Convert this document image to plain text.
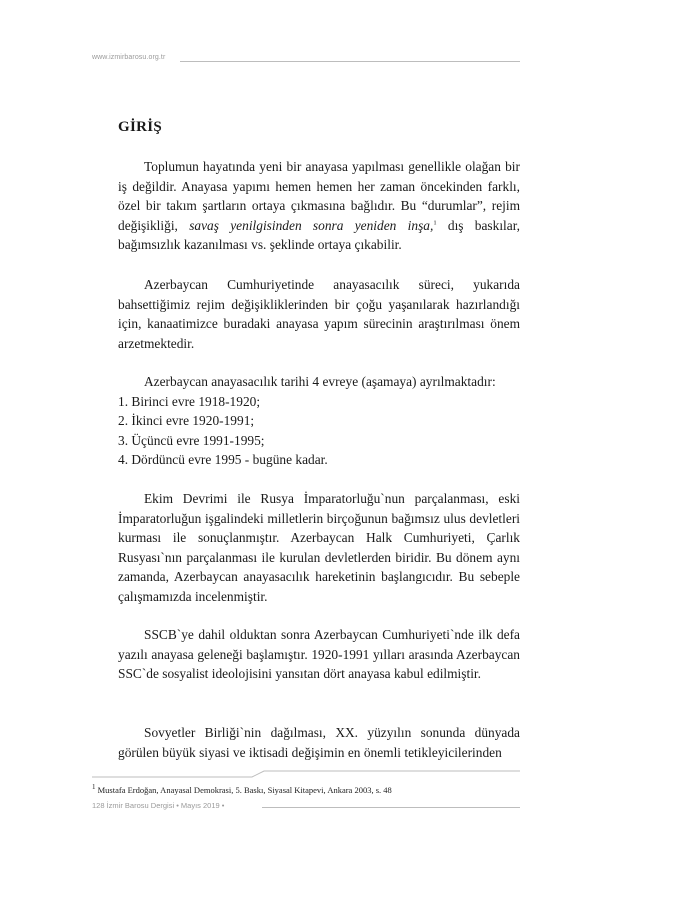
www.izmirbarosu.org.tr
GİRİŞ

Toplumun hayatında yeni bir anayasa yapılması genellikle olağan bir iş değildir. Anayasa yapımı hemen hemen her zaman öncekinden farklı, özel bir takım şartların ortaya çıkmasına bağlıdır. Bu “durumlar”, rejim değişikliği, savaş yenilgisinden sonra yeniden inşa,$^1$ dış baskılar, bağımsızlık kazanılması vs. şeklinde ortaya çıkabilir.

Azerbaycan Cumhuriyetinde anayasacılık süreci, yukarıda bahsettiğimiz rejim değişikliklerinden bir çoğu yaşanılarak hazırlandığı için, kanaatimizce buradaki anayasa yapım sürecinin araştırılması önem arzetmektedir.

Azerbaycan anayasacılık tarihi 4 evreye (aşamaya) ayrılmaktadır:
1. Birinci evre 1918-1920;
2. İkinci evre 1920-1991;
3. Üçüncü evre 1991-1995;
4. Dördüncü evre 1995 - bugüne kadar.

Ekim Devrimi ile Rusya İmparatorluğu`nun parçalanması, eski İmparatorluğun işgalindeki milletlerin birçoğunun bağımsız ulus devletleri kurması ile sonuçlanmıştır. Azerbaycan Halk Cumhuriyeti, Çarlık Rusyası`nın parçalanması ile kurulan devletlerden biridir. Bu dönem aynı zamanda, Azerbaycan anayasacılık hareketinin başlangıcıdır. Bu sebeple çalışmamızda incelenmiştir.

SSCB`ye dahil olduktan sonra Azerbaycan Cumhuriyeti`nde ilk defa yazılı anayasa geleneği başlamıştır. 1920-1991 yılları arasında Azerbaycan SSC`de sosyalist ideolojisini yansıtan dört anayasa kabul edilmiştir.

Sovyetler Birliği`nin dağılması, XX. yüzyılın sonunda dünyada görülen büyük siyasi ve iktisadi değişimin en önemli tetikleyicilerinden

$^1$ Mustafa Erdoğan, Anayasal Demokrasi, 5. Baskı, Siyasal Kitapevi, Ankara 2003, s. 48
128 İzmir Barosu Dergisi • Mayıs 2019 •
